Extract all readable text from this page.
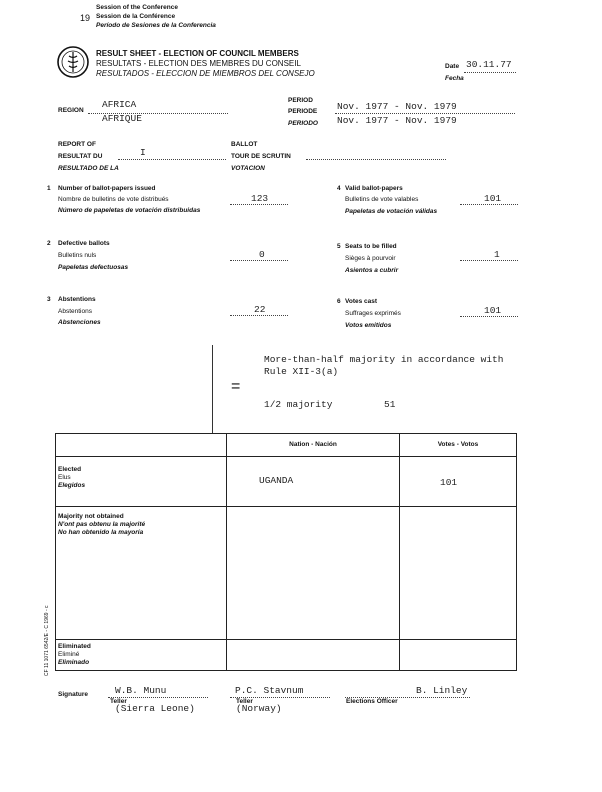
19
Session of the Conference
Session de la Conférence
Período de Sesiones de la Conferencia
RESULT SHEET - ELECTION OF COUNCIL MEMBERS
RESULTATS - ELECTION DES MEMBRES DU CONSEIL
RESULTADOS - ELECCION DE MIEMBROS DEL CONSEJO
Date 30.11.77
Fecha
REGION
AFRICA
AFRIQUE
PERIOD
PERIODE
PERIODO
Nov. 1977 - Nov. 1979
Nov. 1977 - Nov. 1979
REPORT OF
RESULTAT DU
RESULTADO DE LA
I
BALLOT
TOUR DE SCRUTIN
VOTACION
1 Number of ballot-papers issued
Nombre de bulletins de vote distribués
Número de papeletas de votación distribuidas
123
4 Valid ballot-papers
Bulletins de vote valables
Papeletas de votación válidas
101
2 Defective ballots
Bulletins nuls
Papeletas defectuosas
0
5 Seats to be filled
Sièges à pourvoir
Asientos a cubrir
1
3 Abstentions
Abstentions
Abstenciones
22
6 Votes cast
Suffrages exprimés
Votos emitidos
101
=
More-than-half majority in accordance with
Rule XII-3(a)
1/2 majority	51
	Nation - Nación	Votes - Votos

Elected
Elus
Elegidos	UGANDA	101

Majority not obtained
N'ont pas obtenu la majorité
No han obtenido la mayoría		

Eliminated
Eliminé
Eliminado		

CF 11 1071 6542/E - C 1969 - c
Signature	W.B. Munu
Teller
(Sierra Leone)
P.C. Stavnum
Teller
(Norway)
B. Linley
Elections Officer
